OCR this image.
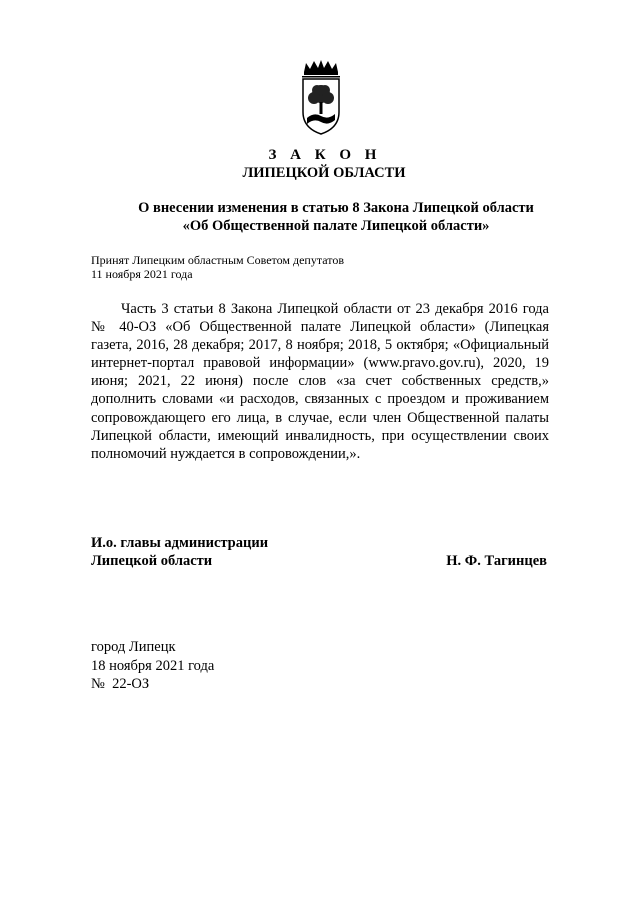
З А К О Н
ЛИПЕЦКОЙ ОБЛАСТИ
О внесении изменения в статью 8 Закона Липецкой области
«Об Общественной палате Липецкой области»
Принят Липецким областным Советом депутатов
11 ноября 2021 года
Часть 3 статьи 8 Закона Липецкой области от 23 декабря 2016 года № 40-ОЗ «Об Общественной палате Липецкой области» (Липецкая газета, 2016, 28 декабря; 2017, 8 ноября; 2018, 5 октября; «Официальный интернет-портал правовой информации» (www.pravo.gov.ru), 2020, 19 июня; 2021, 22 июня) после слов «за счет собственных средств,» дополнить словами «и расходов, связанных с проездом и проживанием сопровождающего его лица, в случае, если член Общественной палаты Липецкой области, имеющий инвалидность, при осуществлении своих полномочий нуждается в сопровождении,».
И.о. главы администрации
Липецкой области	Н. Ф. Тагинцев
город Липецк
18 ноября 2021 года
№  22-ОЗ
